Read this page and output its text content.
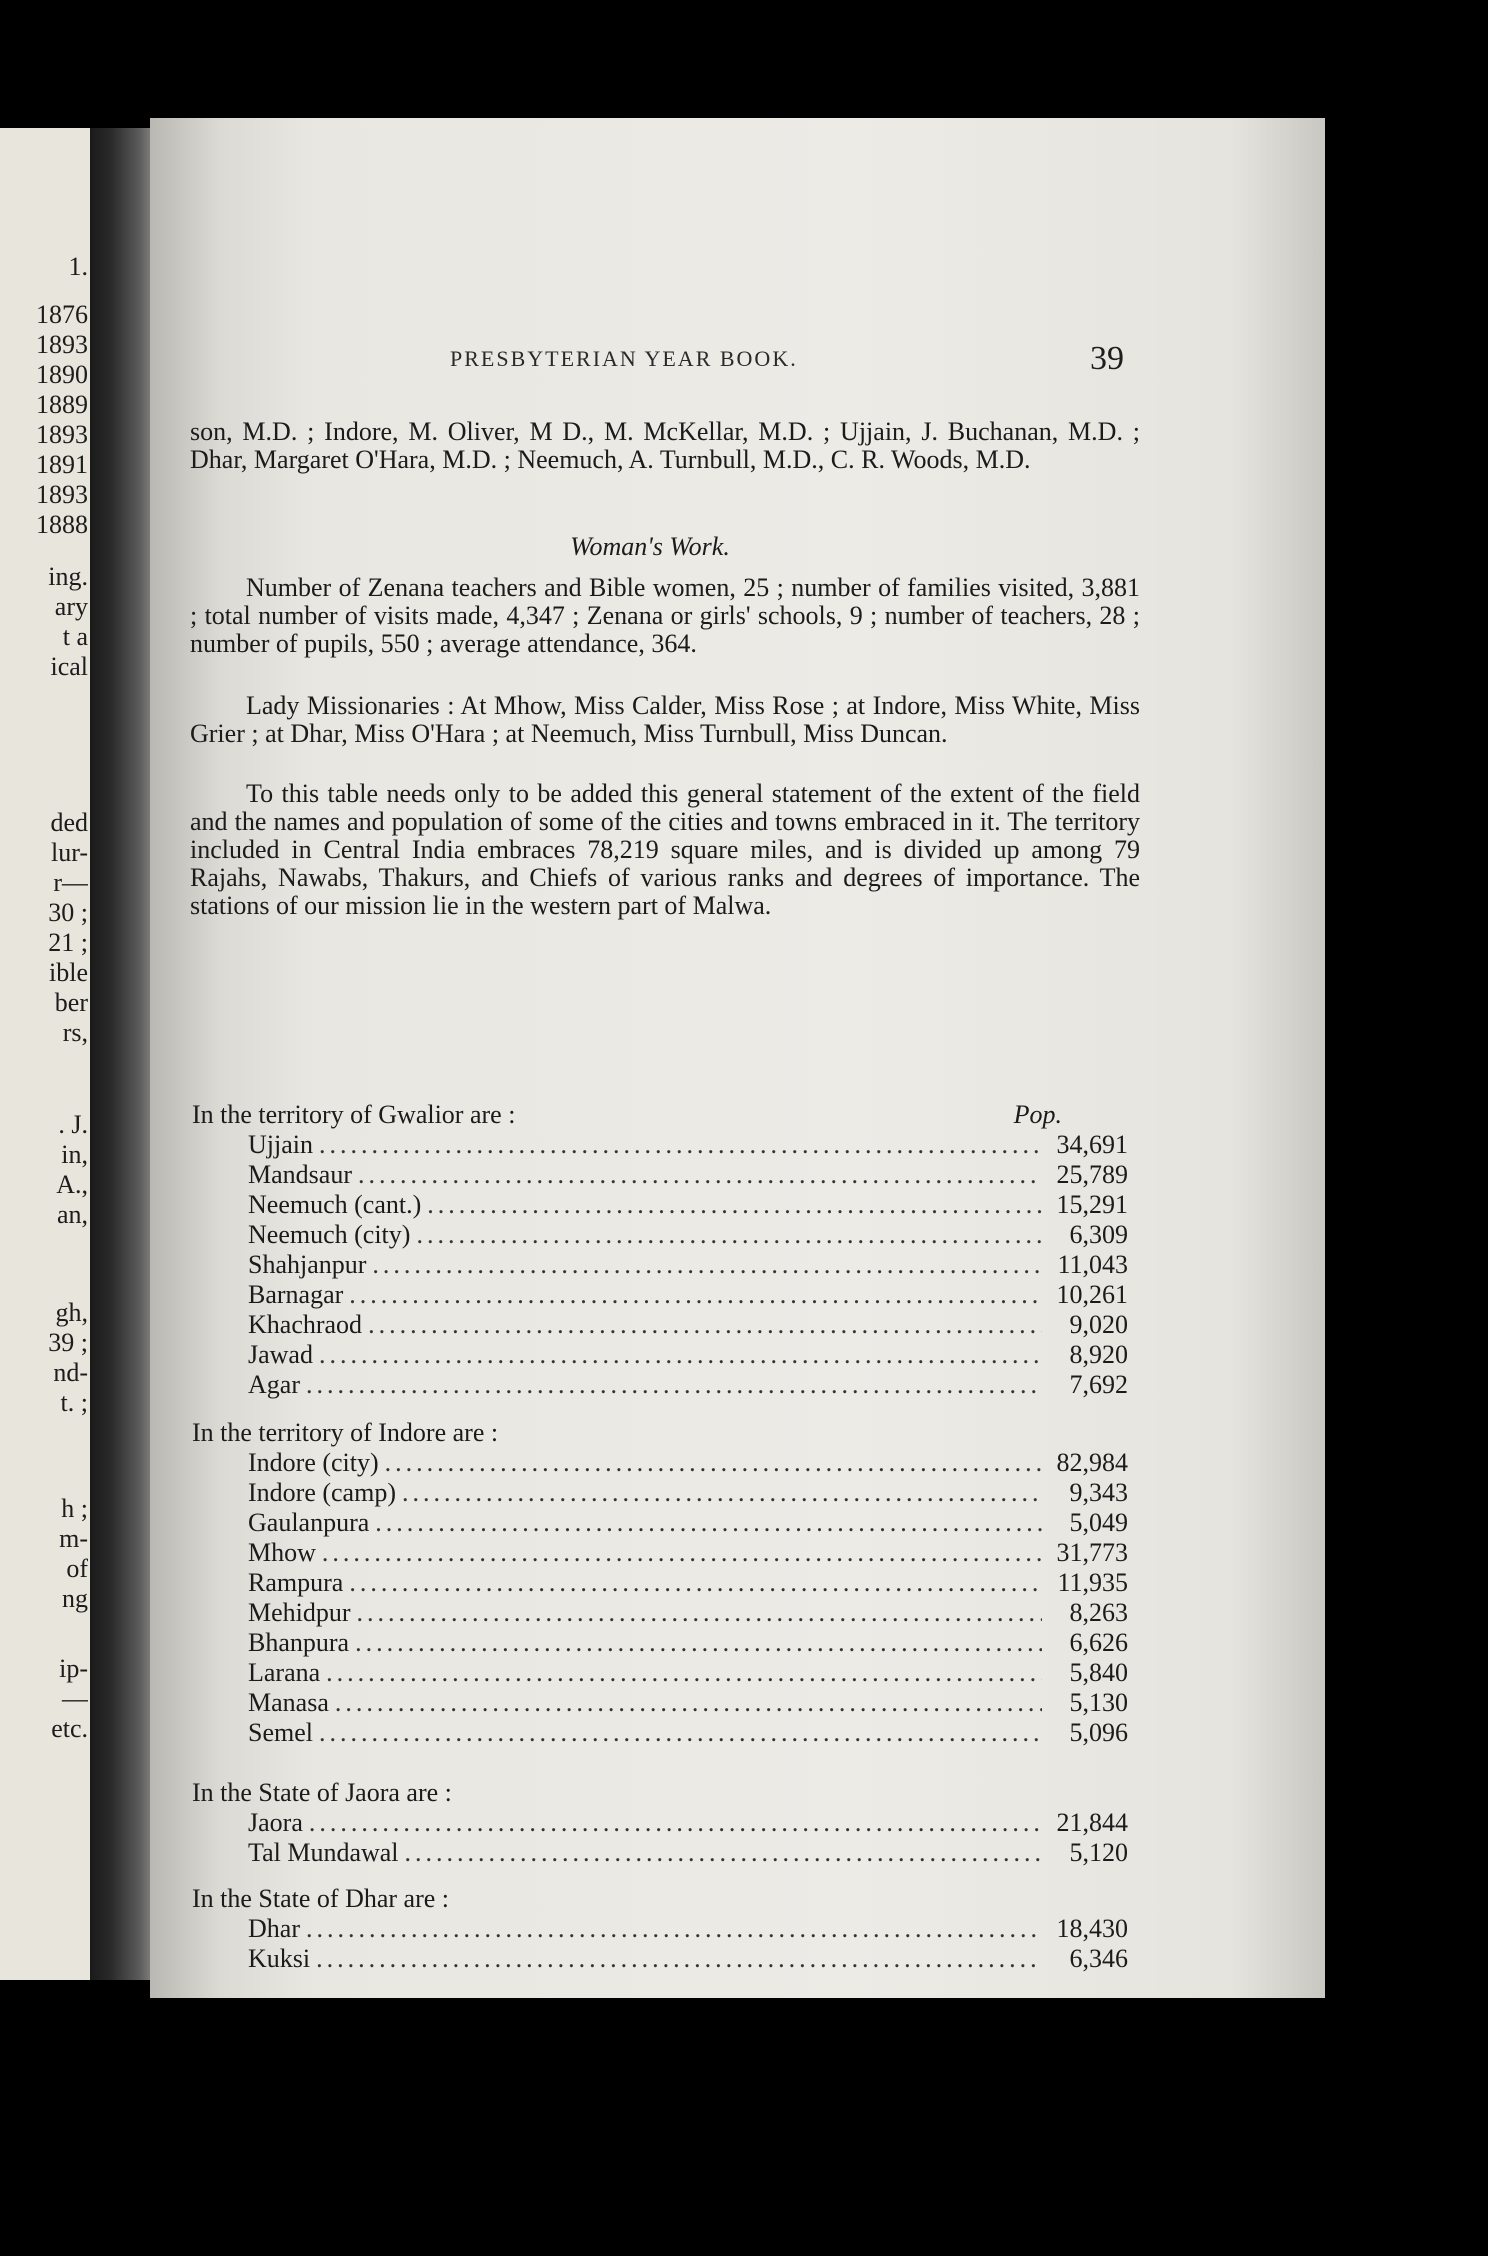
1.
1876
1893
1890
1889
1893
1891
1893
1888
ing.
ary
t a
ical
ded
lur-
r—
30 ;
21 ;
ible
ber
rs,
. J.
in,
A.,
an,
gh,
39 ;
nd-
t. ;
h ;
m-
of
ng
ip-
—
etc.
PRESBYTERIAN YEAR BOOK.	39
son, M.D. ; Indore, M. Oliver, M D., M. McKellar, M.D. ; Ujjain, J. Buchanan, M.D. ; Dhar, Margaret O'Hara, M.D. ; Neemuch, A. Turnbull, M.D., C. R. Woods, M.D.
Woman's Work.
Number of Zenana teachers and Bible women, 25 ; number of families visited, 3,881 ; total number of visits made, 4,347 ; Zenana or girls' schools, 9 ; number of teachers, 28 ; number of pupils, 550 ; average attendance, 364.
Lady Missionaries : At Mhow, Miss Calder, Miss Rose ; at Indore, Miss White, Miss Grier ; at Dhar, Miss O'Hara ; at Neemuch, Miss Turnbull, Miss Duncan.
To this table needs only to be added this general statement of the extent of the field and the names and population of some of the cities and towns embraced in it. The territory included in Central India embraces 78,219 square miles, and is divided up among 79 Rajahs, Nawabs, Thakurs, and Chiefs of various ranks and degrees of importance. The stations of our mission lie in the western part of Malwa.
In the territory of Gwalior are :	Pop.
Ujjain .....	34,691
Mandsaur .....	25,789
Neemuch (cant.) .....	15,291
Neemuch (city) .....	6,309
Shahjanpur .....	11,043
Barnagar .....	10,261
Khachraod .....	9,020
Jawad .....	8,920
Agar .....	7,692
In the territory of Indore are :
Indore (city) .....	82,984
Indore (camp) .....	9,343
Gaulanpura .....	5,049
Mhow .....	31,773
Rampura .....	11,935
Mehidpur .....	8,263
Bhanpura .....	6,626
Larana .....	5,840
Manasa .....	5,130
Semel .....	5,096
In the State of Jaora are :
Jaora .....	21,844
Tal Mundawal .....	5,120
In the State of Dhar are :
Dhar .....	18,430
Kuksi .....	6,346
